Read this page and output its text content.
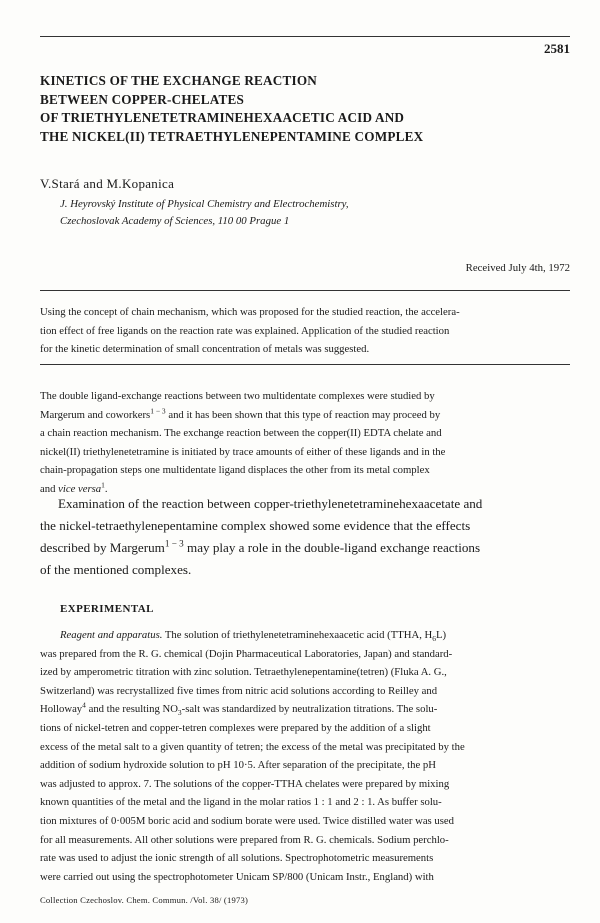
2581
KINETICS OF THE EXCHANGE REACTION
BETWEEN COPPER-CHELATES
OF TRIETHYLENETETRAMINEHEXAACETIC ACID AND
THE NICKEL(II) TETRAETHYLENEPENTAMINE COMPLEX
V.Stará and M.Kopanica
J. Heyrovský Institute of Physical Chemistry and Electrochemistry,
Czechoslovak Academy of Sciences, 110 00 Prague 1
Received July 4th, 1972

Using the concept of chain mechanism, which was proposed for the studied reaction, the accelera-
tion effect of free ligands on the reaction rate was explained. Application of the studied reaction
for the kinetic determination of small concentration of metals was suggested.

The double ligand-exchange reactions between two multidentate complexes were studied by
Margerum and coworkers$^{1 - 3}$ and it has been shown that this type of reaction may proceed by
a chain reaction mechanism. The exchange reaction between the copper(II) EDTA chelate and
nickel(II) triethylenetetramine is initiated by trace amounts of either of these ligands and in the
chain-propagation steps one multidentate ligand displaces the other from its metal complex
and vice versa$^1$.

Examination of the reaction between copper-triethylenetetraminehexaacetate and
the nickel-tetraethylenepentamine complex showed some evidence that the effects
described by Margerum$^{1 - 3}$ may play a role in the double-ligand exchange reactions
of the mentioned complexes.

EXPERIMENTAL

Reagent and apparatus. The solution of triethylenetetraminehexaacetic acid (TTHA, $H_6L$)
was prepared from the R. G. chemical (Dojin Pharmaceutical Laboratories, Japan) and standard-
ized by amperometric titration with zinc solution. Tetraethylenepentamine(tetren) (Fluka A. G.,
Switzerland) was recrystallized five times from nitric acid solutions according to Reilley and
Holloway$^4$ and the resulting $NO_3$-salt was standardized by neutralization titrations. The solu-
tions of nickel-tetren and copper-tetren complexes were prepared by the addition of a slight
excess of the metal salt to a given quantity of tetren; the excess of the metal was precipitated by the
addition of sodium hydroxide solution to pH 10·5. After separation of the precipitate, the pH
was adjusted to approx. 7. The solutions of the copper-TTHA chelates were prepared by mixing
known quantities of the metal and the ligand in the molar ratios 1 : 1 and 2 : 1. As buffer solu-
tion mixtures of 0·005M boric acid and sodium borate were used. Twice distilled water was used
for all measurements. All other solutions were prepared from R. G. chemicals. Sodium perchlo-
rate was used to adjust the ionic strength of all solutions. Spectrophotometric measurements
were carried out using the spectrophotometer Unicam SP/800 (Unicam Instr., England) with

Collection Czechoslov. Chem. Commun. /Vol. 38/ (1973)
